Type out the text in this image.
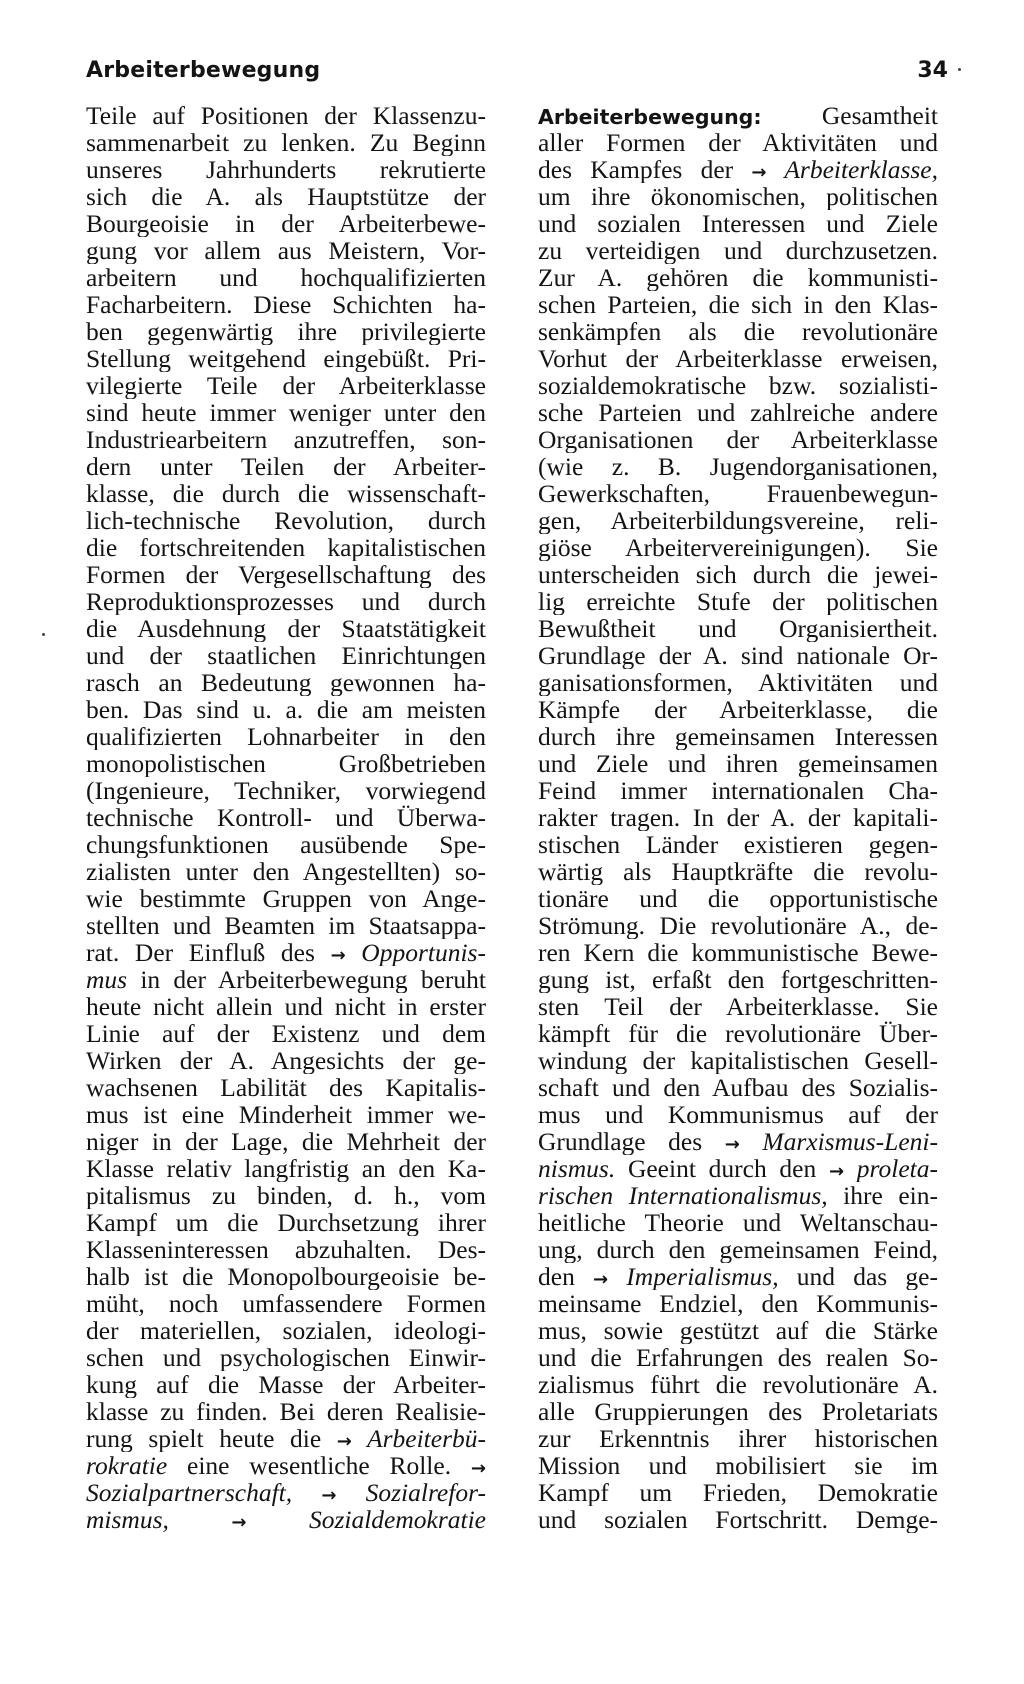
Arbeiterbewegung	34
Teile auf Positionen der Klassenzu-
sammenarbeit zu lenken. Zu Beginn
unseres Jahrhunderts rekrutierte
sich die A. als Hauptstütze der
Bourgeoisie in der Arbeiterbewe-
gung vor allem aus Meistern, Vor-
arbeitern und hochqualifizierten
Facharbeitern. Diese Schichten ha-
ben gegenwärtig ihre privilegierte
Stellung weitgehend eingebüßt. Pri-
vilegierte Teile der Arbeiterklasse
sind heute immer weniger unter den
Industriearbeitern anzutreffen, son-
dern unter Teilen der Arbeiter-
klasse, die durch die wissenschaft-
lich-technische Revolution, durch
die fortschreitenden kapitalistischen
Formen der Vergesellschaftung des
Reproduktionsprozesses und durch
die Ausdehnung der Staatstätigkeit
und der staatlichen Einrichtungen
rasch an Bedeutung gewonnen ha-
ben. Das sind u. a. die am meisten
qualifizierten Lohnarbeiter in den
monopolistischen Großbetrieben
(Ingenieure, Techniker, vorwiegend
technische Kontroll- und Überwa-
chungsfunktionen ausübende Spe-
zialisten unter den Angestellten) so-
wie bestimmte Gruppen von Ange-
stellten und Beamten im Staatsappa-
rat. Der Einfluß des → Opportunis-
mus in der Arbeiterbewegung beruht
heute nicht allein und nicht in erster
Linie auf der Existenz und dem
Wirken der A. Angesichts der ge-
wachsenen Labilität des Kapitalis-
mus ist eine Minderheit immer we-
niger in der Lage, die Mehrheit der
Klasse relativ langfristig an den Ka-
pitalismus zu binden, d. h., vom
Kampf um die Durchsetzung ihrer
Klasseninteressen abzuhalten. Des-
halb ist die Monopolbourgeoisie be-
müht, noch umfassendere Formen
der materiellen, sozialen, ideologi-
schen und psychologischen Einwir-
kung auf die Masse der Arbeiter-
klasse zu finden. Bei deren Realisie-
rung spielt heute die → Arbeiterbü-
rokratie eine wesentliche Rolle. →
Sozialpartnerschaft, → Sozialrefor-
mismus,	→ Sozialdemokratie
Arbeiterbewegung: Gesamtheit
aller Formen der Aktivitäten und
des Kampfes der → Arbeiterklasse,
um ihre ökonomischen, politischen
und sozialen Interessen und Ziele
zu verteidigen und durchzusetzen.
Zur A. gehören die kommunisti-
schen Parteien, die sich in den Klas-
senkämpfen als die revolutionäre
Vorhut der Arbeiterklasse erweisen,
sozialdemokratische bzw. sozialisti-
sche Parteien und zahlreiche andere
Organisationen der Arbeiterklasse
(wie z. B. Jugendorganisationen,
Gewerkschaften, Frauenbewegun-
gen, Arbeiterbildungsvereine, reli-
giöse Arbeitervereinigungen). Sie
unterscheiden sich durch die jewei-
lig erreichte Stufe der politischen
Bewußtheit und Organisiertheit.
Grundlage der A. sind nationale Or-
ganisationsformen, Aktivitäten und
Kämpfe der Arbeiterklasse, die
durch ihre gemeinsamen Interessen
und Ziele und ihren gemeinsamen
Feind immer internationalen Cha-
rakter tragen. In der A. der kapitali-
stischen Länder existieren gegen-
wärtig als Hauptkräfte die revolu-
tionäre und die opportunistische
Strömung. Die revolutionäre A., de-
ren Kern die kommunistische Bewe-
gung ist, erfaßt den fortgeschritten-
sten Teil der Arbeiterklasse. Sie
kämpft für die revolutionäre Über-
windung der kapitalistischen Gesell-
schaft und den Aufbau des Sozialis-
mus und Kommunismus auf der
Grundlage des → Marxismus-Leni-
nismus. Geeint durch den → proleta-
rischen Internationalismus, ihre ein-
heitliche Theorie und Weltanschau-
ung, durch den gemeinsamen Feind,
den → Imperialismus, und das ge-
meinsame Endziel, den Kommunis-
mus, sowie gestützt auf die Stärke
und die Erfahrungen des realen So-
zialismus führt die revolutionäre A.
alle Gruppierungen des Proletariats
zur Erkenntnis ihrer historischen
Mission und mobilisiert sie im
Kampf um Frieden, Demokratie
und sozialen Fortschritt. Demge-
